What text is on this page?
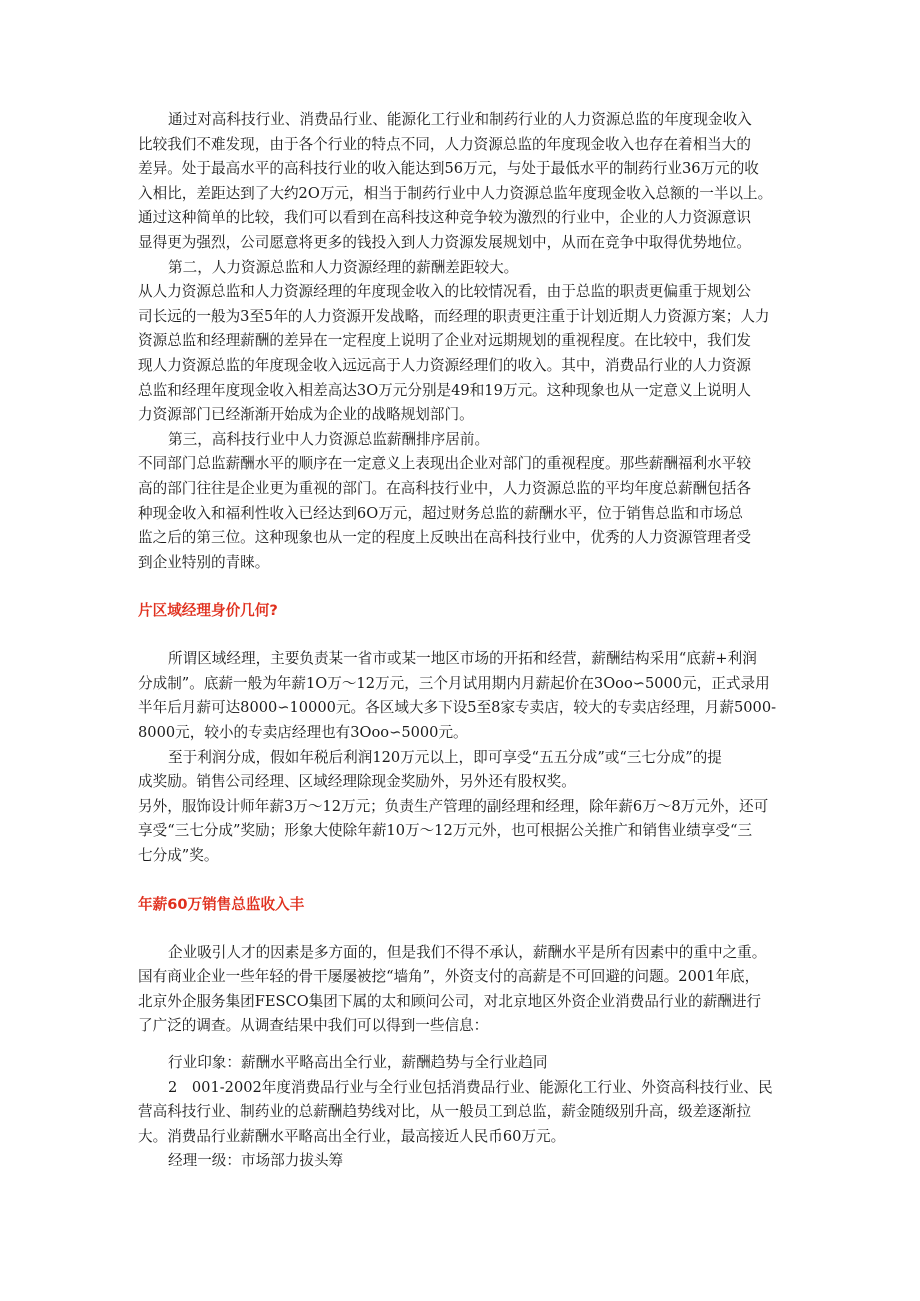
通过对高科技行业、消费品行业、能源化工行业和制药行业的人力资源总监的年度现金收入
比较我们不难发现，由于各个行业的特点不同，人力资源总监的年度现金收入也存在着相当大的
差异。处于最高水平的高科技行业的收入能达到56万元，与处于最低水平的制药行业36万元的收
入相比，差距达到了大约2O万元，相当于制药行业中人力资源总监年度现金收入总额的一半以上。
通过这种简单的比较，我们可以看到在高科技这种竞争较为激烈的行业中，企业的人力资源意识
显得更为强烈，公司愿意将更多的钱投入到人力资源发展规划中，从而在竞争中取得优势地位。
第二，人力资源总监和人力资源经理的薪酬差距较大。
从人力资源总监和人力资源经理的年度现金收入的比较情况看，由于总监的职责更偏重于规划公
司长远的一般为3至5年的人力资源开发战略，而经理的职责更注重于计划近期人力资源方案；人力
资源总监和经理薪酬的差异在一定程度上说明了企业对远期规划的重视程度。在比较中，我们发
现人力资源总监的年度现金收入远远高于人力资源经理们的收入。其中，消费品行业的人力资源
总监和经理年度现金收入相差高达3O万元分别是49和19万元。这种现象也从一定意义上说明人
力资源部门已经渐渐开始成为企业的战略规划部门。
第三，高科技行业中人力资源总监薪酬排序居前。
不同部门总监薪酬水平的顺序在一定意义上表现出企业对部门的重视程度。那些薪酬福利水平较
高的部门往往是企业更为重视的部门。在高科技行业中，人力资源总监的平均年度总薪酬包括各
种现金收入和福利性收入已经达到6O万元，超过财务总监的薪酬水平，位于销售总监和市场总
监之后的第三位。这种现象也从一定的程度上反映出在高科技行业中，优秀的人力资源管理者受
到企业特别的青睐。
片区域经理身价几何?
所谓区域经理，主要负责某一省市或某一地区市场的开拓和经营，薪酬结构采用“底薪+利润
分成制”。底薪一般为年薪1O万～12万元，三个月试用期内月薪起价在3Ooo∽5000元，正式录用
半年后月薪可达8000∽10000元。各区域大多下设5至8家专卖店，较大的专卖店经理，月薪5000-
8000元，较小的专卖店经理也有3Ooo∽5000元。
至于利润分成，假如年税后利润120万元以上，即可享受“五五分成”或“三七分成”的提
成奖励。销售公司经理、区域经理除现金奖励外，另外还有股权奖。
另外，服饰设计师年薪3万～12万元；负责生产管理的副经理和经理，除年薪6万～8万元外，还可
享受“三七分成”奖励；形象大使除年薪10万～12万元外，也可根据公关推广和销售业绩享受“三
七分成”奖。
年薪60万销售总监收入丰
企业吸引人才的因素是多方面的，但是我们不得不承认，薪酬水平是所有因素中的重中之重。
国有商业企业一些年轻的骨干屡屡被挖“墙角”，外资支付的高薪是不可回避的问题。2001年底，
北京外企服务集团FESCO集团下属的太和顾问公司，对北京地区外资企业消费品行业的薪酬进行
了广泛的调查。从调查结果中我们可以得到一些信息：
行业印象：薪酬水平略高出全行业，薪酬趋势与全行业趋同
2　001-2002年度消费品行业与全行业包括消费品行业、能源化工行业、外资高科技行业、民
营高科技行业、制药业的总薪酬趋势线对比，从一般员工到总监，薪金随级别升高，级差逐渐拉
大。消费品行业薪酬水平略高出全行业，最高接近人民币60万元。
经理一级：市场部力拔头筹
